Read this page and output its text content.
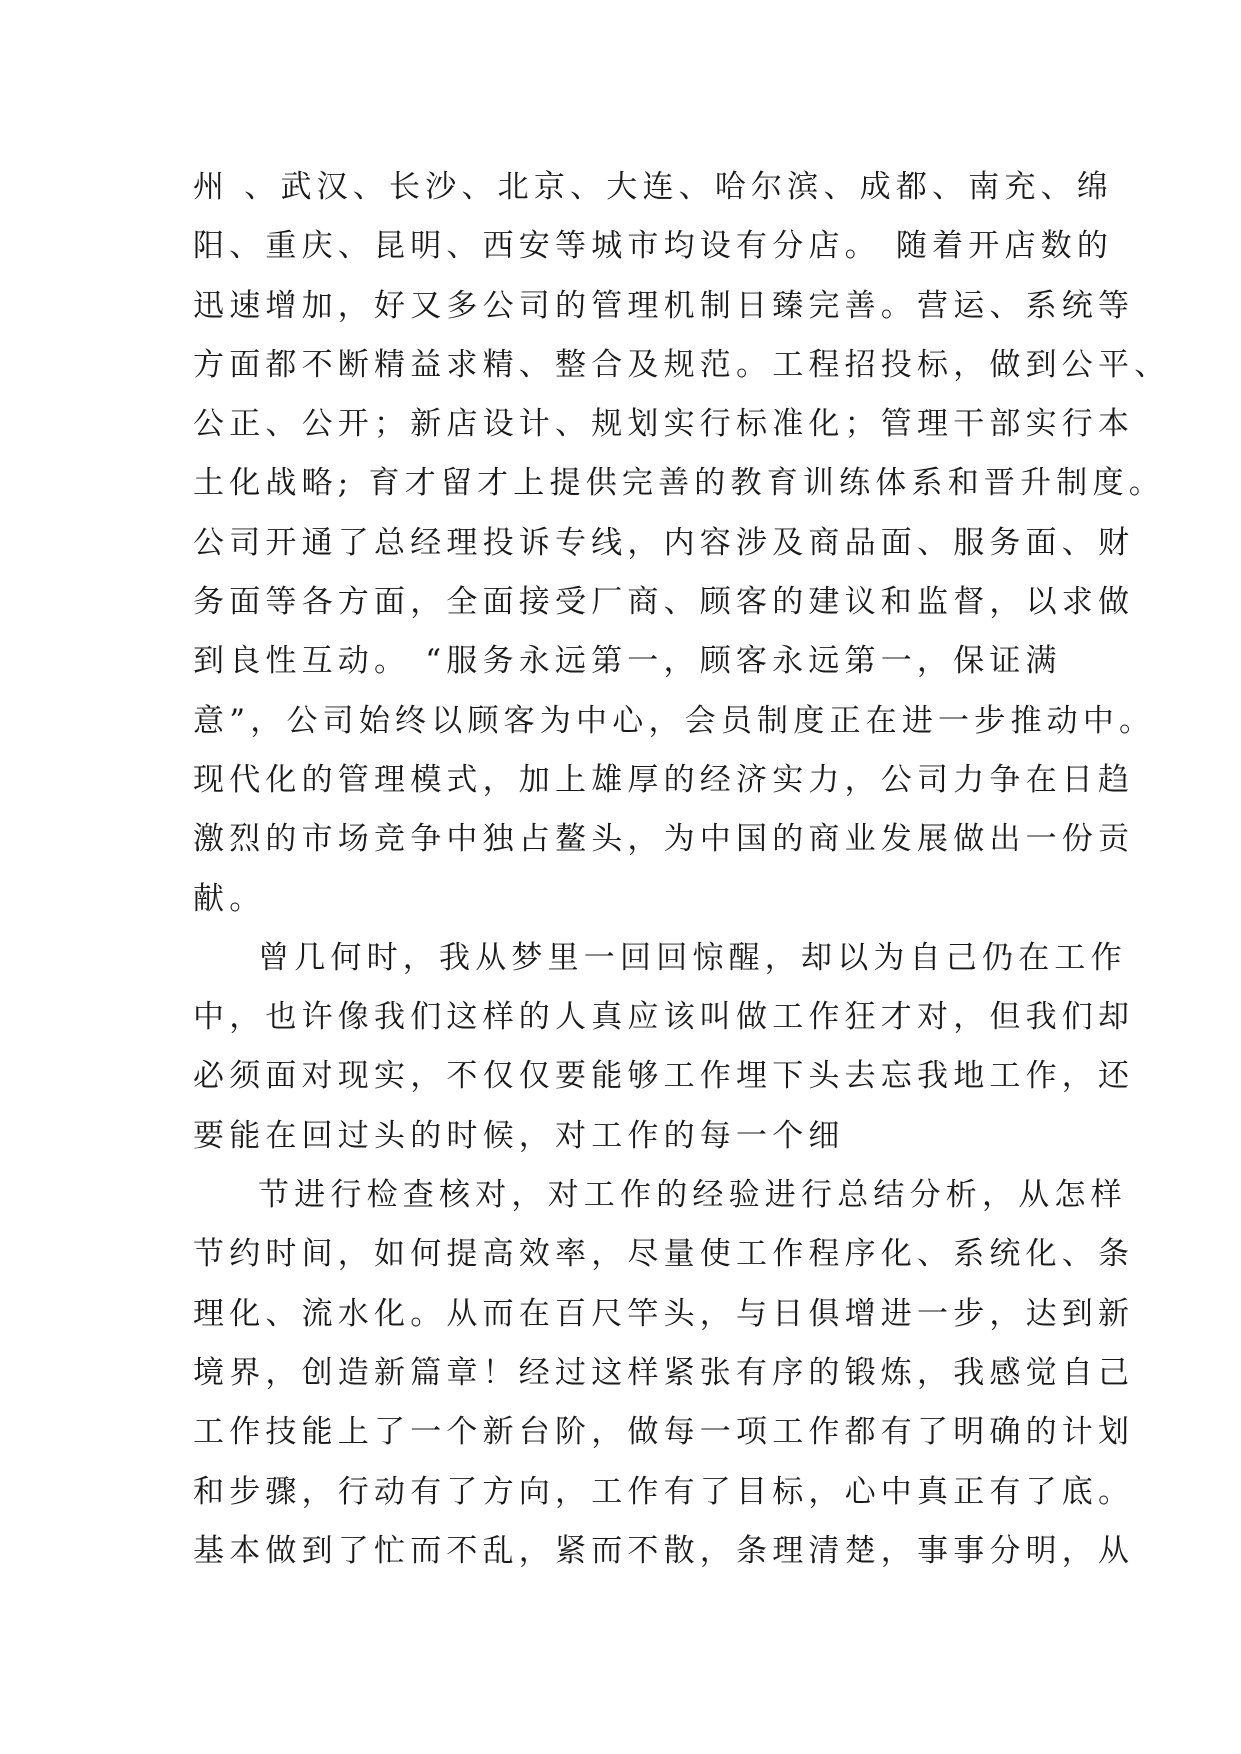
州 、武汉、长沙、北京、大连、哈尔滨、成都、南充、绵
阳、重庆、昆明、西安等城市均设有分店。 随着开店数的
迅速增加，好又多公司的管理机制日臻完善。营运、系统等
方面都不断精益求精、整合及规范。工程招投标，做到公平、
公正、公开；新店设计、规划实行标准化；管理干部实行本
土化战略; 育才留才上提供完善的教育训练体系和晋升制度。
公司开通了总经理投诉专线，内容涉及商品面、服务面、财
务面等各方面，全面接受厂商、顾客的建议和监督，以求做
到良性互动。 “服务永远第一，顾客永远第一，保证满
意”，公司始终以顾客为中心，会员制度正在进一步推动中。
现代化的管理模式，加上雄厚的经济实力，公司力争在日趋
激烈的市场竞争中独占鳌头，为中国的商业发展做出一份贡
献。
曾几何时，我从梦里一回回惊醒，却以为自己仍在工作
中，也许像我们这样的人真应该叫做工作狂才对，但我们却
必须面对现实，不仅仅要能够工作埋下头去忘我地工作，还
要能在回过头的时候，对工作的每一个细
节进行检查核对，对工作的经验进行总结分析，从怎样
节约时间，如何提高效率，尽量使工作程序化、系统化、条
理化、流水化。从而在百尺竿头，与日俱增进一步，达到新
境界，创造新篇章！经过这样紧张有序的锻炼，我感觉自己
工作技能上了一个新台阶，做每一项工作都有了明确的计划
和步骤，行动有了方向，工作有了目标，心中真正有了底。
基本做到了忙而不乱，紧而不散，条理清楚，事事分明，从
